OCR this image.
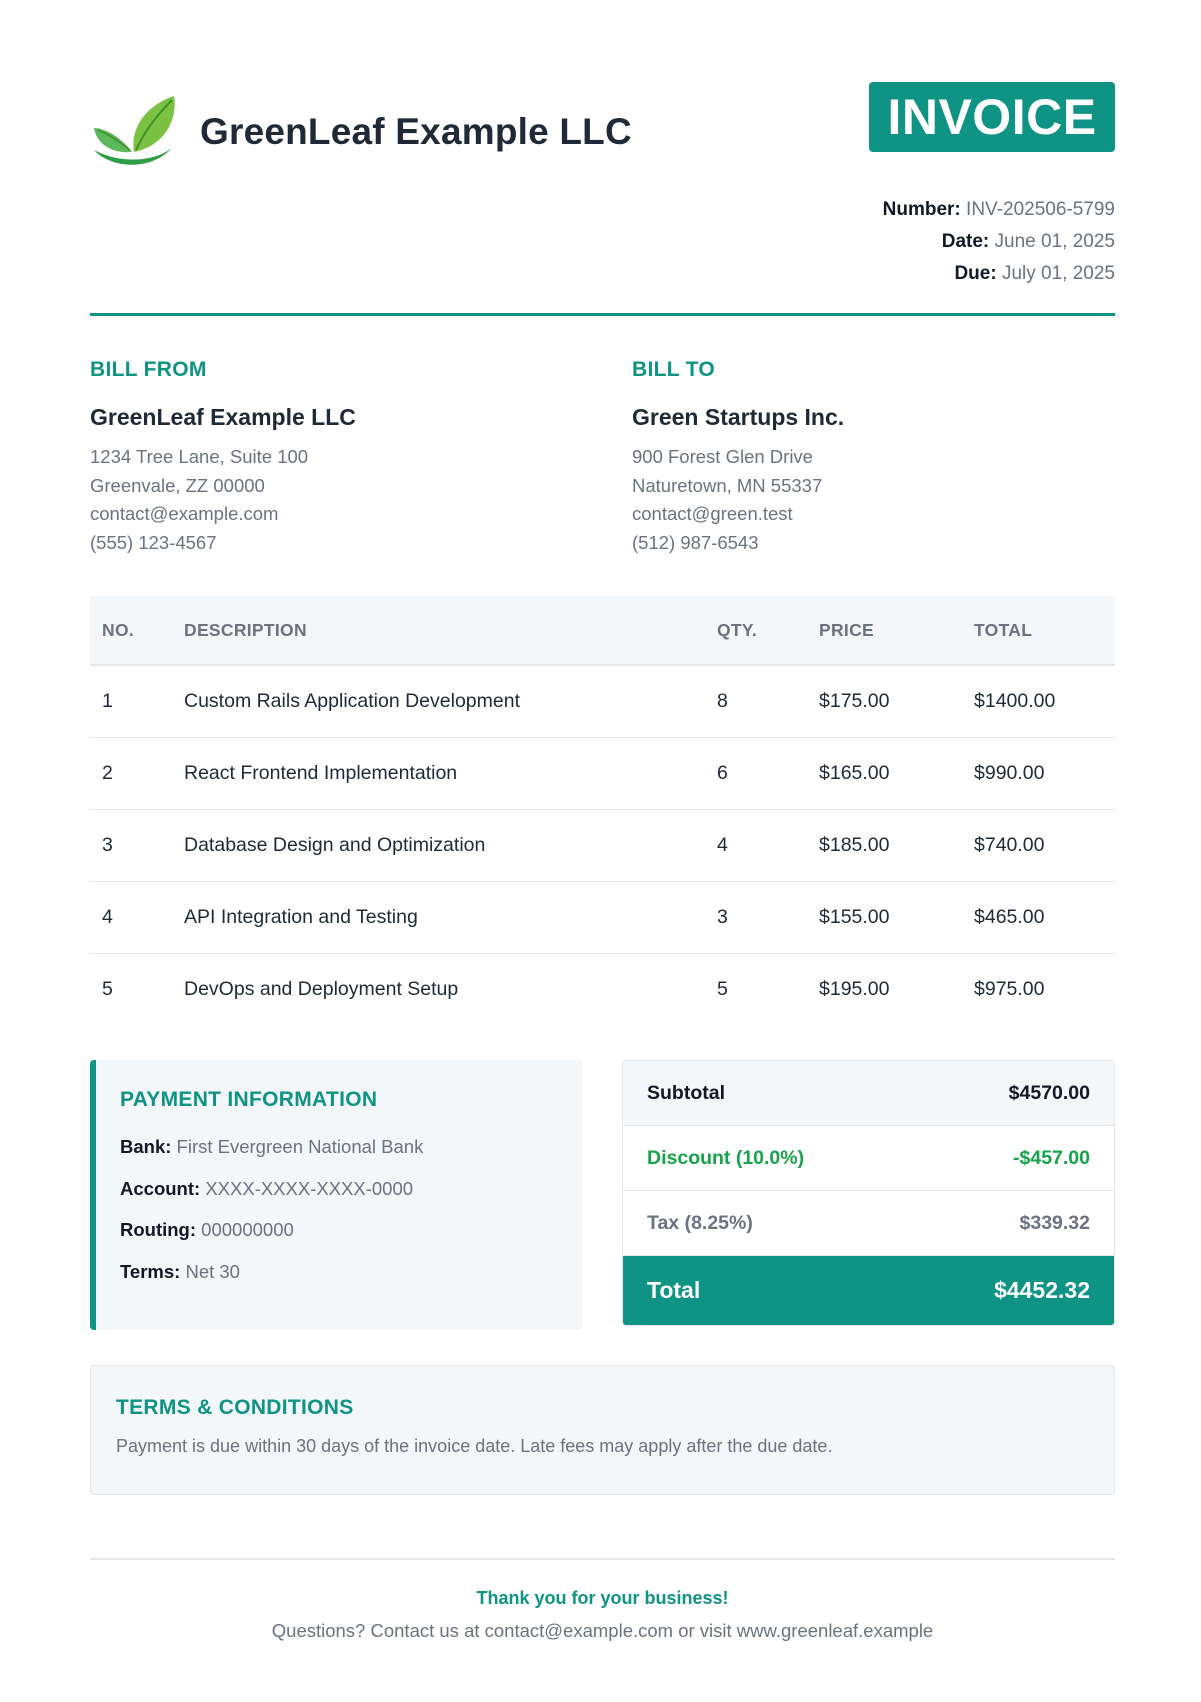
GreenLeaf Example LLC	INVOICE
Number: INV-202506-5799
Date: June 01, 2025
Due: July 01, 2025
BILL FROM
GreenLeaf Example LLC
1234 Tree Lane, Suite 100
Greenvale, ZZ 00000
contact@example.com
(555) 123-4567
BILL TO
Green Startups Inc.
900 Forest Glen Drive
Naturetown, MN 55337
contact@green.test
(512) 987-6543
NO.	DESCRIPTION	QTY.	PRICE	TOTAL
1	Custom Rails Application Development	8	$175.00	$1400.00
2	React Frontend Implementation	6	$165.00	$990.00
3	Database Design and Optimization	4	$185.00	$740.00
4	API Integration and Testing	3	$155.00	$465.00
5	DevOps and Deployment Setup	5	$195.00	$975.00
PAYMENT INFORMATION
Bank: First Evergreen National Bank
Account: XXXX-XXXX-XXXX-0000
Routing: 000000000
Terms: Net 30
Subtotal	$4570.00
Discount (10.0%)	-$457.00
Tax (8.25%)	$339.32
Total	$4452.32
TERMS & CONDITIONS
Payment is due within 30 days of the invoice date. Late fees may apply after the due date.
Thank you for your business!
Questions? Contact us at contact@example.com or visit www.greenleaf.example
